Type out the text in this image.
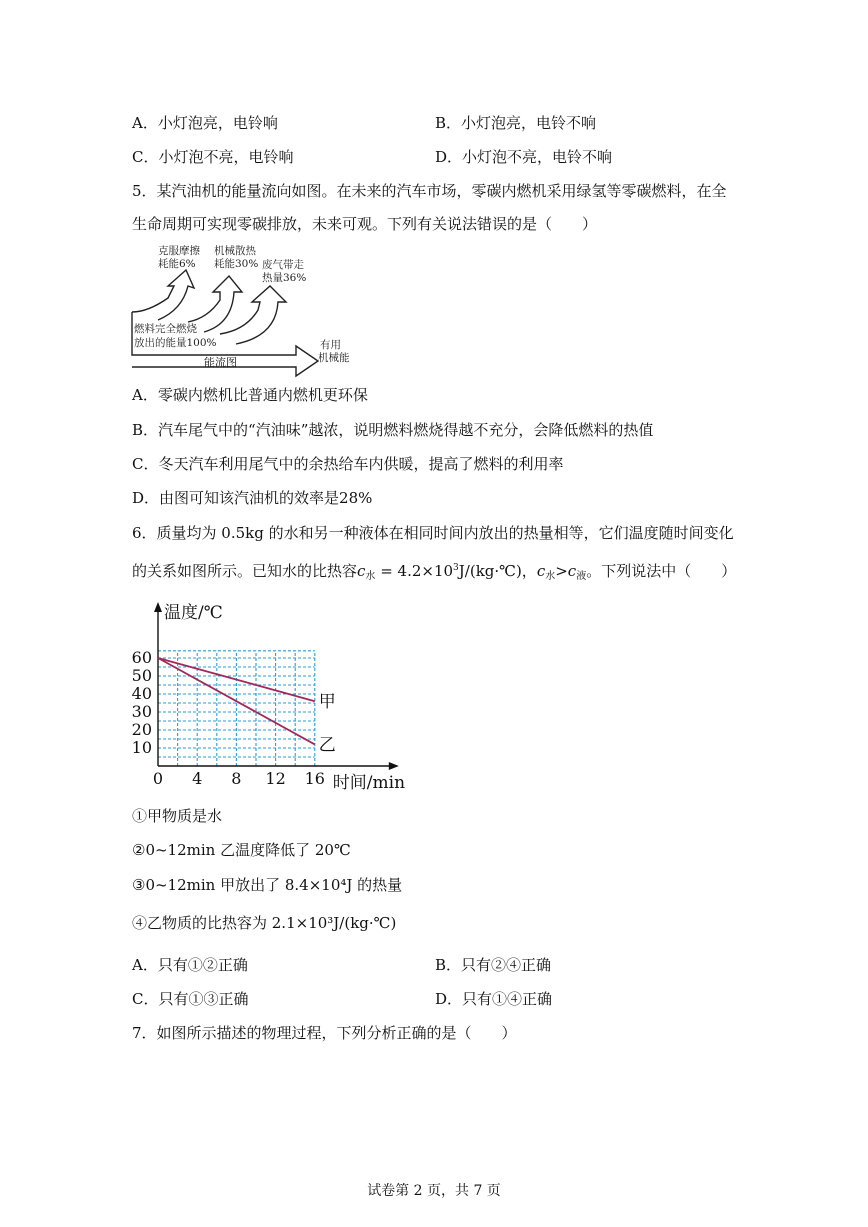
A．小灯泡亮，电铃响	B．小灯泡亮，电铃不响
C．小灯泡不亮，电铃响	D．小灯泡不亮，电铃不响
5．某汽油机的能量流向如图。在未来的汽车市场，零碳内燃机采用绿氢等零碳燃料，在全
生命周期可实现零碳排放，未来可观。下列有关说法错误的是（　　）
克服摩擦
耗能6%
机械散热
耗能30% 废气带走
热量36%
燃料完全燃烧
放出的能量100%	有用
机械能
能流图
A．零碳内燃机比普通内燃机更环保
B．汽车尾气中的“汽油味”越浓，说明燃料燃烧得越不充分，会降低燃料的热值
C．冬天汽车利用尾气中的余热给车内供暖，提高了燃料的利用率
D．由图可知该汽油机的效率是28%
6．质量均为 0.5kg 的水和另一种液体在相同时间内放出的热量相等，它们温度随时间变化
的关系如图所示。已知水的比热容$c_水$ = $4.2\times 10^3J/(kg\cdot℃)$，$c_水>c_液$。下列说法中（　　）
0 4 8 12 16
10
20
30
40
50
60
温度/℃
时间/min
甲
乙
①甲物质是水
②0~12min 乙温度降低了 20℃
③0~12min 甲放出了 8.4×10⁴J 的热量
④乙物质的比热容为 2.1×10³J/(kg·℃)
A．只有①②正确	B．只有②④正确
C．只有①③正确	D．只有①④正确
7．如图所示描述的物理过程，下列分析正确的是（　　）
试卷第 2 页，共 7 页
